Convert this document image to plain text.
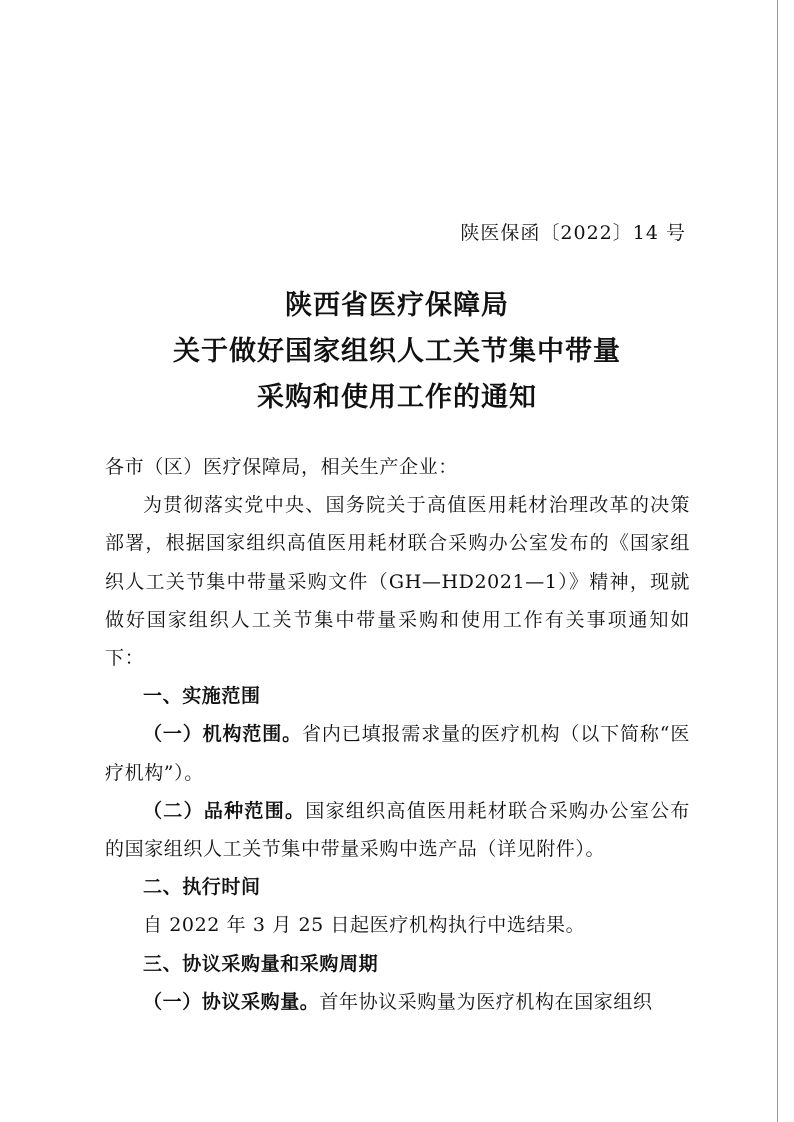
陕医保函〔2022〕14 号
陕西省医疗保障局
关于做好国家组织人工关节集中带量
采购和使用工作的通知

各市（区）医疗保障局，相关生产企业：

为贯彻落实党中央、国务院关于高值医用耗材治理改革的决策部署，根据国家组织高值医用耗材联合采购办公室发布的《国家组织人工关节集中带量采购文件（GH—HD2021—1）》精神，现就做好国家组织人工关节集中带量采购和使用工作有关事项通知如下：

一、实施范围

（一）机构范围。省内已填报需求量的医疗机构（以下简称“医疗机构”）。

（二）品种范围。国家组织高值医用耗材联合采购办公室公布的国家组织人工关节集中带量采购中选产品（详见附件）。

二、执行时间

自 2022 年 3 月 25 日起医疗机构执行中选结果。

三、协议采购量和采购周期

（一）协议采购量。首年协议采购量为医疗机构在国家组织
